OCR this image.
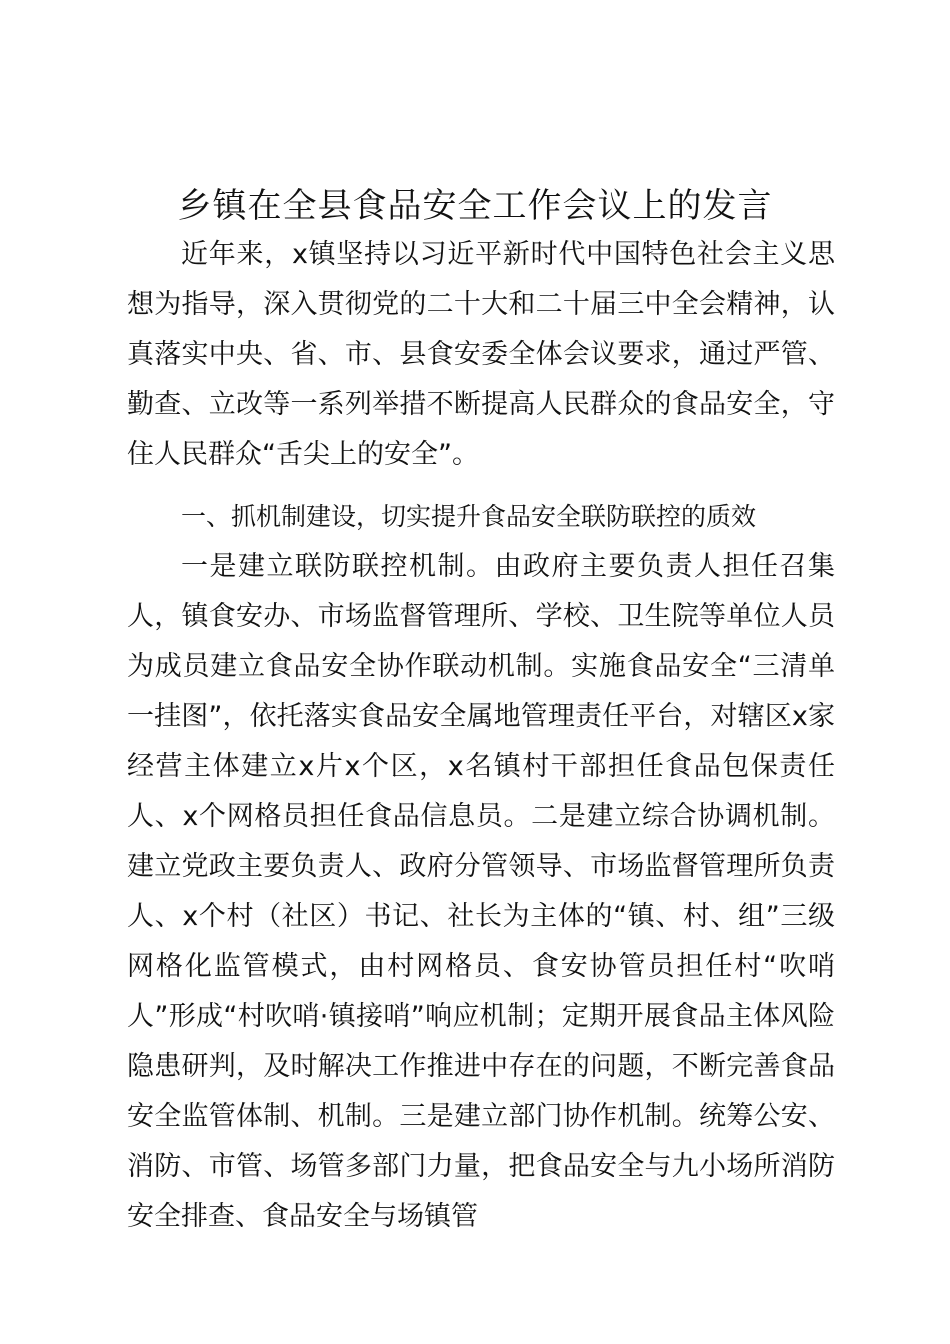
乡镇在全县食品安全工作会议上的发言

近年来，x镇坚持以习近平新时代中国特色社会主义思想为指导，深入贯彻党的二十大和二十届三中全会精神，认真落实中央、省、市、县食安委全体会议要求，通过严管、勤查、立改等一系列举措不断提高人民群众的食品安全，守住人民群众“舌尖上的安全”。

一、抓机制建设，切实提升食品安全联防联控的质效

一是建立联防联控机制。由政府主要负责人担任召集人，镇食安办、市场监督管理所、学校、卫生院等单位人员为成员建立食品安全协作联动机制。实施食品安全“三清单一挂图”，依托落实食品安全属地管理责任平台，对辖区x家经营主体建立x片x个区，x名镇村干部担任食品包保责任人、x个网格员担任食品信息员。二是建立综合协调机制。建立党政主要负责人、政府分管领导、市场监督管理所负责人、x个村（社区）书记、社长为主体的“镇、村、组”三级网格化监管模式，由村网格员、食安协管员担任村“吹哨人”形成“村吹哨·镇接哨”响应机制；定期开展食品主体风险隐患研判，及时解决工作推进中存在的问题，不断完善食品安全监管体制、机制。三是建立部门协作机制。统筹公安、消防、市管、场管多部门力量，把食品安全与九小场所消防安全排查、食品安全与场镇管
